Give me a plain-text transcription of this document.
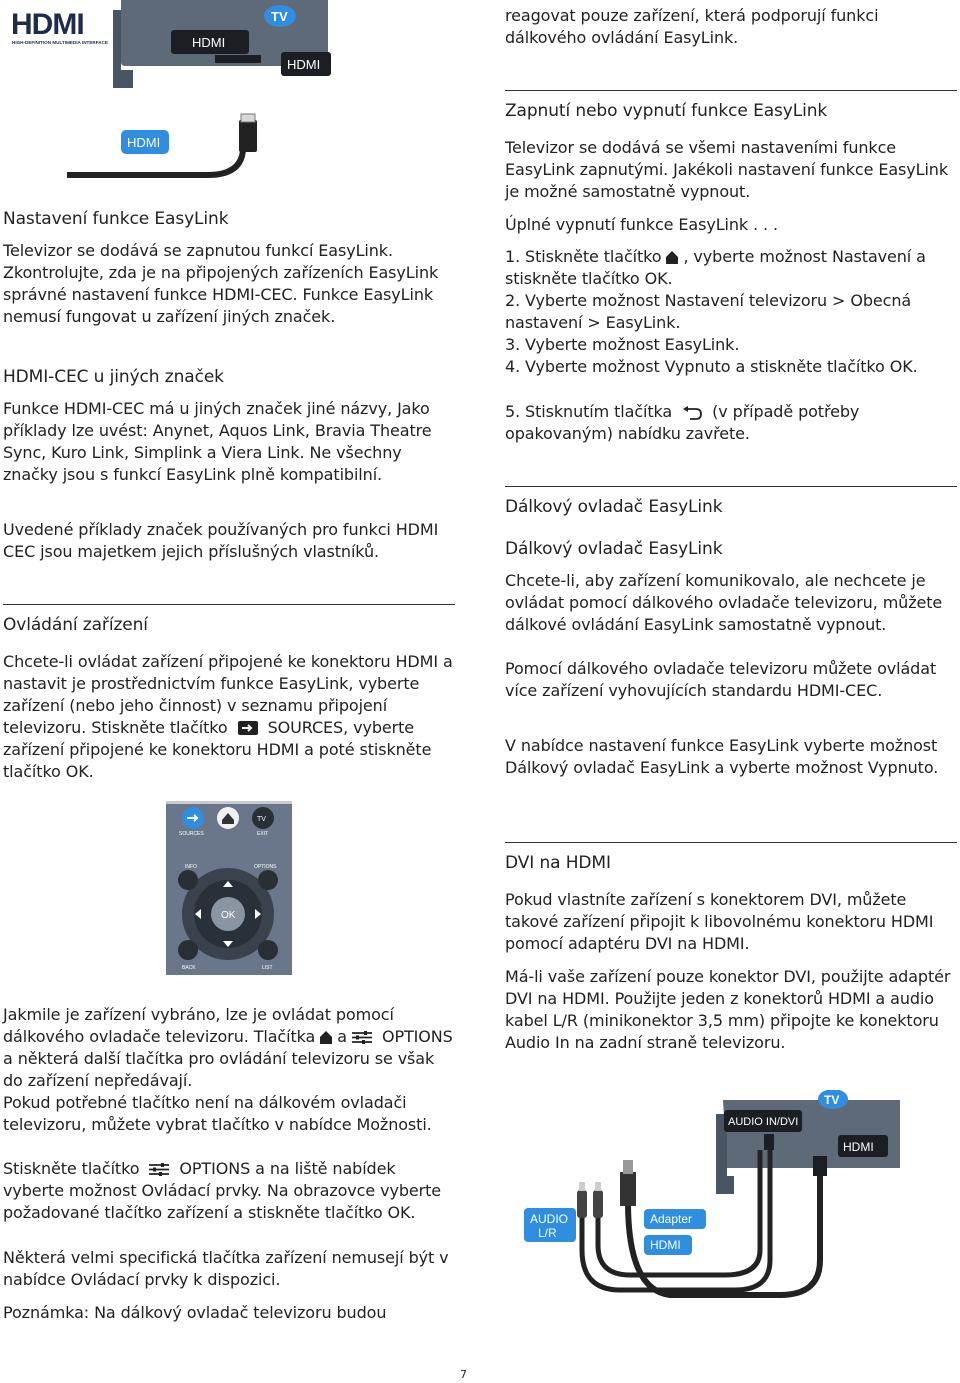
HDMI
HIGH-DEFINITION MULTIMEDIA INTERFACE
TV
HDMI
HDMI
HDMI
Nastavení funkce EasyLink

Televizor se dodává se zapnutou funkcí EasyLink. Zkontrolujte, zda je na připojených zařízeních EasyLink správné nastavení funkce HDMI-CEC. Funkce EasyLink nemusí fungovat u zařízení jiných značek.

HDMI-CEC u jiných značek

Funkce HDMI-CEC má u jiných značek jiné názvy, Jako příklady lze uvést: Anynet, Aquos Link, Bravia Theatre Sync, Kuro Link, Simplink a Viera Link. Ne všechny značky jsou s funkcí EasyLink plně kompatibilní.

Uvedené příklady značek používaných pro funkci HDMI CEC jsou majetkem jejich příslušných vlastníků.

Ovládání zařízení

Chcete-li ovládat zařízení připojené ke konektoru HDMI a nastavit je prostřednictvím funkce EasyLink, vyberte zařízení (nebo jeho činnost) v seznamu připojení televizoru. Stiskněte tlačítko	SOURCES, vyberte zařízení připojené ke konektoru HDMI a poté stiskněte tlačítko OK.

TV
SOURCES	EXIT
INFO	OPTIONS
OK
BACK	LIST

Jakmile je zařízení vybráno, lze je ovládat pomocí dálkového ovladače televizoru. Tlačítka a OPTIONS a některá další tlačítka pro ovládání televizoru se však do zařízení nepředávají.

Pokud potřebné tlačítko není na dálkovém ovladači televizoru, můžete vybrat tlačítko v nabídce Možnosti.

Stiskněte tlačítko	OPTIONS a na liště nabídek vyberte možnost Ovládací prvky. Na obrazovce vyberte požadované tlačítko zařízení a stiskněte tlačítko OK.

Některá velmi specifická tlačítka zařízení nemusejí být v nabídce Ovládací prvky k dispozici.

Poznámka: Na dálkový ovladač televizoru budou

reagovat pouze zařízení, která podporují funkci dálkového ovládání EasyLink.

Zapnutí nebo vypnutí funkce EasyLink

Televizor se dodává se všemi nastaveními funkce EasyLink zapnutými. Jakékoli nastavení funkce EasyLink je možné samostatně vypnout.

Úplné vypnutí funkce EasyLink . . .

1. Stiskněte tlačítko , vyberte možnost Nastavení a stiskněte tlačítko OK.

2. Vyberte možnost Nastavení televizoru > Obecná nastavení > EasyLink.

3. Vyberte možnost EasyLink.

4. Vyberte možnost Vypnuto a stiskněte tlačítko OK.

5. Stisknutím tlačítka	(v případě potřeby opakovaným) nabídku zavřete.

Dálkový ovladač EasyLink
Dálkový ovladač EasyLink

Chcete-li, aby zařízení komunikovalo, ale nechcete je ovládat pomocí dálkového ovladače televizoru, můžete dálkové ovládání EasyLink samostatně vypnout.

Pomocí dálkového ovladače televizoru můžete ovládat více zařízení vyhovujících standardu HDMI-CEC.

V nabídce nastavení funkce EasyLink vyberte možnost Dálkový ovladač EasyLink a vyberte možnost Vypnuto.

DVI na HDMI

Pokud vlastníte zařízení s konektorem DVI, můžete takové zařízení připojit k libovolnému konektoru HDMI pomocí adaptéru DVI na HDMI.

Má-li vaše zařízení pouze konektor DVI, použijte adaptér DVI na HDMI. Použijte jeden z konektorů HDMI a audio kabel L/R (minikonektor 3,5 mm) připojte ke konektoru Audio In na zadní straně televizoru.

TV
AUDIO IN/DVI
HDMI
AUDIO
L/R
Adapter
HDMI
7
